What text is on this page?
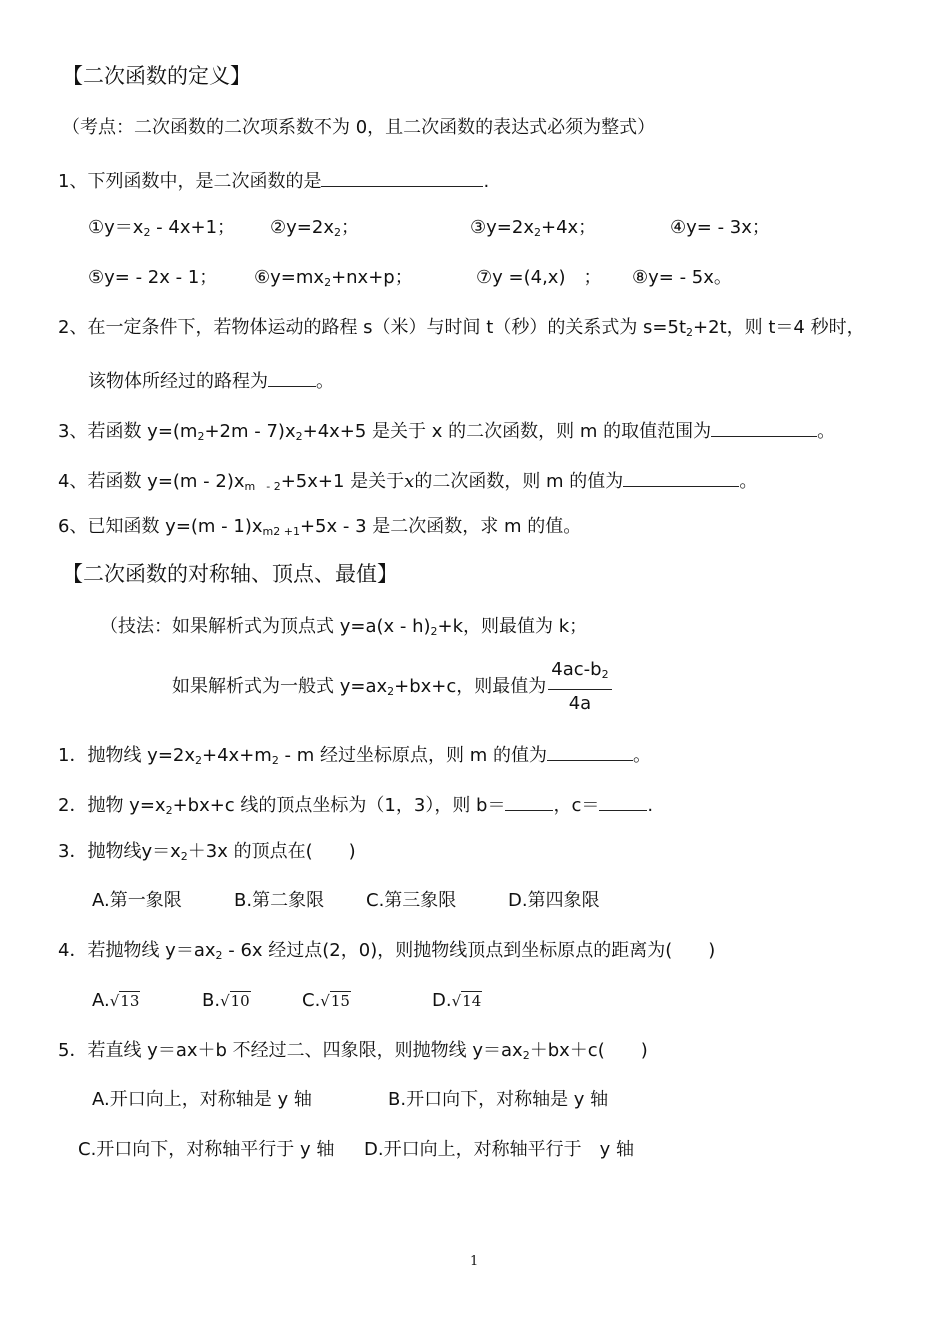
【二次函数的定义】
（考点：二次函数的二次项系数不为 0，且二次函数的表达式必须为整式）
1、下列函数中，是二次函数的是	.
$①y=x_2 - 4x+1$； $②y=2x_2$；	$③y=2x_2+4x$；	④y= - 3x；
⑤y= - 2x - 1； $⑥y=mx_2+nx+p$；	⑦y =(4,x)　； ⑧y= - 5x。
2、在一定条件下，若物体运动的路程 s（米）与时间 t（秒）的关系式为 $s=5t_2+2t$，则 t＝4 秒时，
该物体所经过的路程为	。
3、若函数 $y=(m_2+2m - 7)x_2+4x+5$ 是关于 x 的二次函数，则 m 的取值范围为	。
4、若函数 $y=(m - 2)x_{m - 2}+5x+1$ 是关于x的二次函数，则 m 的值为	。
6、已知函数 $y=(m - 1)x_{m2 +1}+5x - 3$ 是二次函数，求 m 的值。
【二次函数的对称轴、顶点、最值】
（技法：如果解析式为顶点式 $y=a(x - h)_2+k$，则最值为 k；
如果解析式为一般式 $y=ax_2+bx+c$，则最值为 $\frac{4ac-b_2}{4a}$
1．抛物线 $y=2x_2+4x+m_2 - m$ 经过坐标原点，则 m 的值为	。
2．抛物 $y=x_2+bx+c$ 线的顶点坐标为（1，3），则 b＝	，c＝	.
3．抛物线$y=x_2+3x$ 的顶点在(　　)
A.第一象限	B.第二象限 C.第三象限	D.第四象限
4．若抛物线 $y=ax_2 - 6x$ 经过点(2，0)，则抛物线顶点到坐标原点的距离为(　　)
A.√13	B.√10	C.√15	D.√14
5．若直线 y＝ax＋b 不经过二、四象限，则抛物线 $y=ax_2+bx+c$(　　)
A.开口向上，对称轴是 y 轴	B.开口向下，对称轴是 y 轴
C.开口向下，对称轴平行于 y 轴 D.开口向上，对称轴平行于　y 轴
1
